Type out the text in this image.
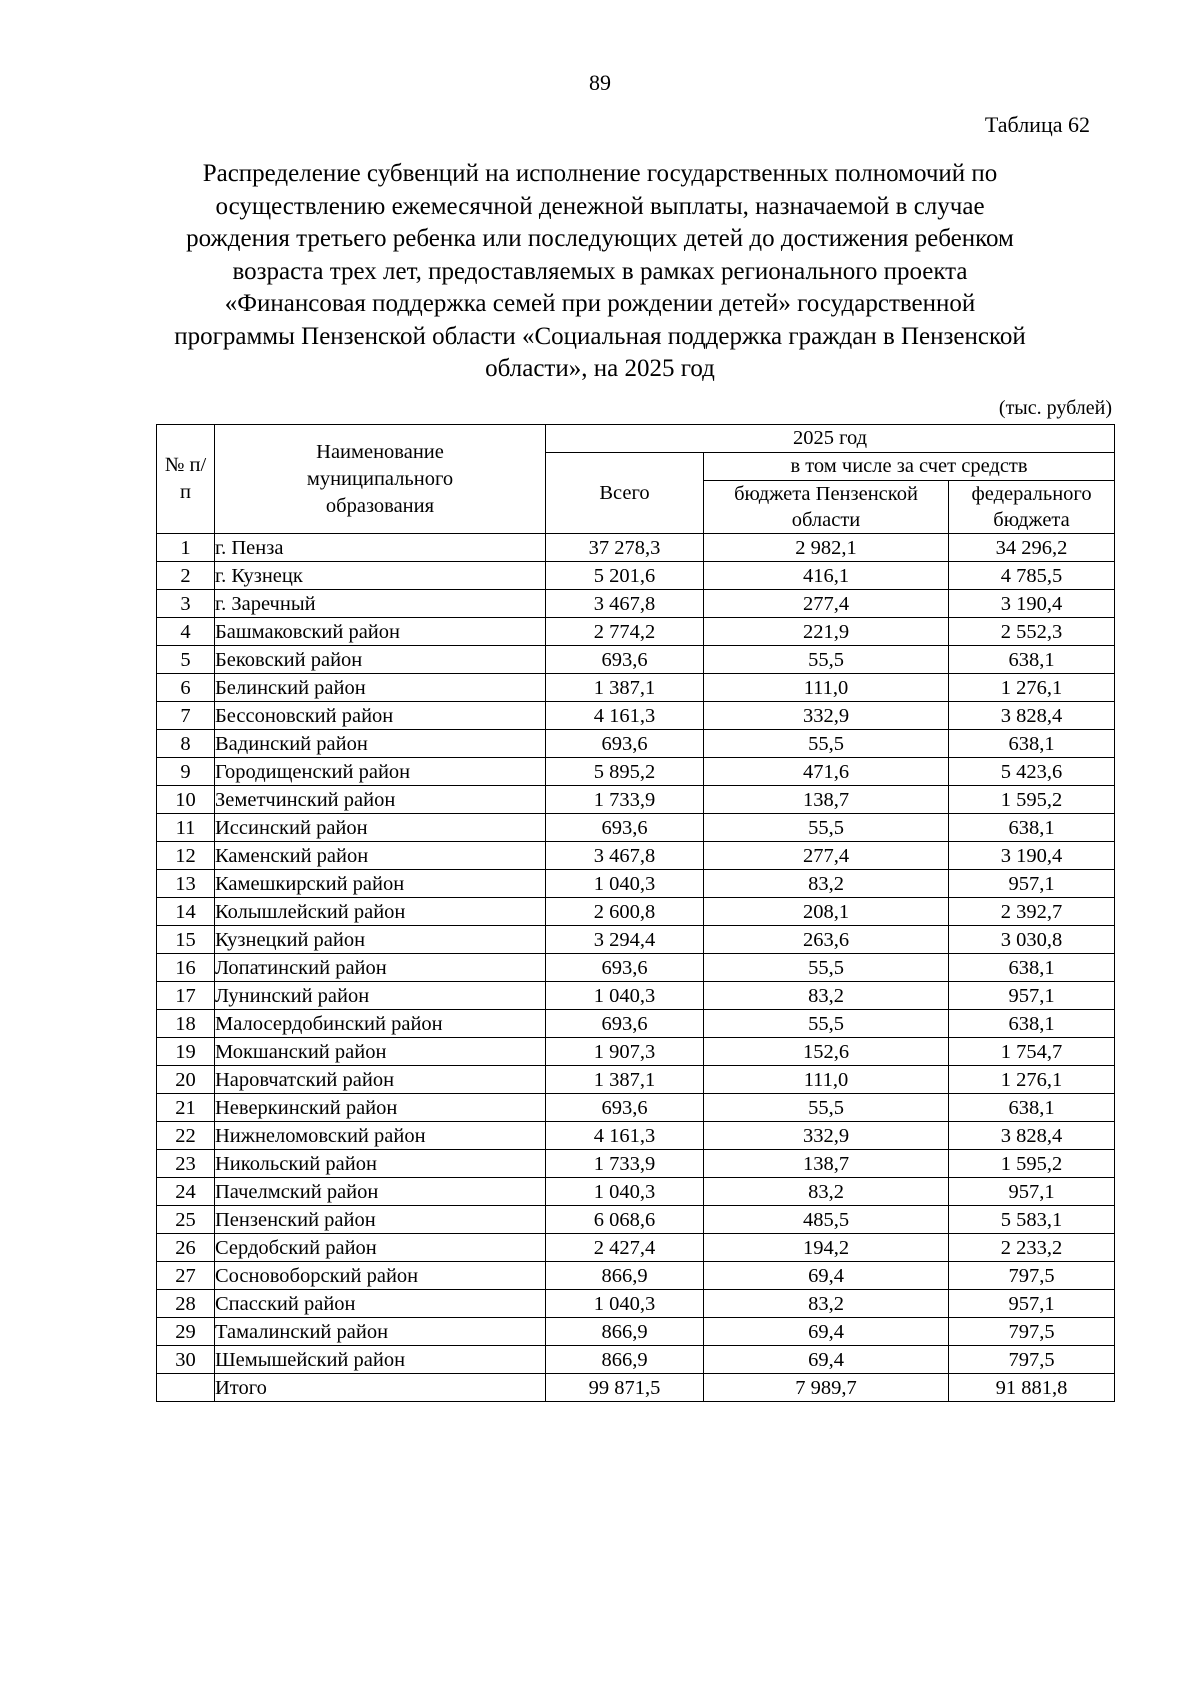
89
Таблица 62
Распределение субвенций на исполнение государственных полномочий по
осуществлению ежемесячной денежной выплаты, назначаемой в случае
рождения третьего ребенка или последующих детей до достижения ребенком
возраста трех лет, предоставляемых в рамках регионального проекта
«Финансовая поддержка семей при рождении детей» государственной
программы Пензенской области «Социальная поддержка граждан в Пензенской
области», на 2025 год
(тыс. рублей)
№ п/п	Наименование муниципального образования	2025 год		
		Всего	в том числе за счет средств	
			бюджета Пензенской области	федерального бюджета
1	г. Пенза	37 278,3	2 982,1	34 296,2
2	г. Кузнецк	5 201,6	416,1	4 785,5
3	г. Заречный	3 467,8	277,4	3 190,4
4	Башмаковский район	2 774,2	221,9	2 552,3
5	Бековский район	693,6	55,5	638,1
6	Белинский район	1 387,1	111,0	1 276,1
7	Бессоновский район	4 161,3	332,9	3 828,4
8	Вадинский район	693,6	55,5	638,1
9	Городищенский район	5 895,2	471,6	5 423,6
10	Земетчинский район	1 733,9	138,7	1 595,2
11	Иссинский район	693,6	55,5	638,1
12	Каменский район	3 467,8	277,4	3 190,4
13	Камешкирский район	1 040,3	83,2	957,1
14	Колышлейский район	2 600,8	208,1	2 392,7
15	Кузнецкий район	3 294,4	263,6	3 030,8
16	Лопатинский район	693,6	55,5	638,1
17	Лунинский район	1 040,3	83,2	957,1
18	Малосердобинский район	693,6	55,5	638,1
19	Мокшанский район	1 907,3	152,6	1 754,7
20	Наровчатский район	1 387,1	111,0	1 276,1
21	Неверкинский район	693,6	55,5	638,1
22	Нижнеломовский район	4 161,3	332,9	3 828,4
23	Никольский район	1 733,9	138,7	1 595,2
24	Пачелмский район	1 040,3	83,2	957,1
25	Пензенский район	6 068,6	485,5	5 583,1
26	Сердобский район	2 427,4	194,2	2 233,2
27	Сосновоборский район	866,9	69,4	797,5
28	Спасский район	1 040,3	83,2	957,1
29	Тамалинский район	866,9	69,4	797,5
30	Шемышейский район	866,9	69,4	797,5
	Итого	99 871,5	7 989,7	91 881,8
